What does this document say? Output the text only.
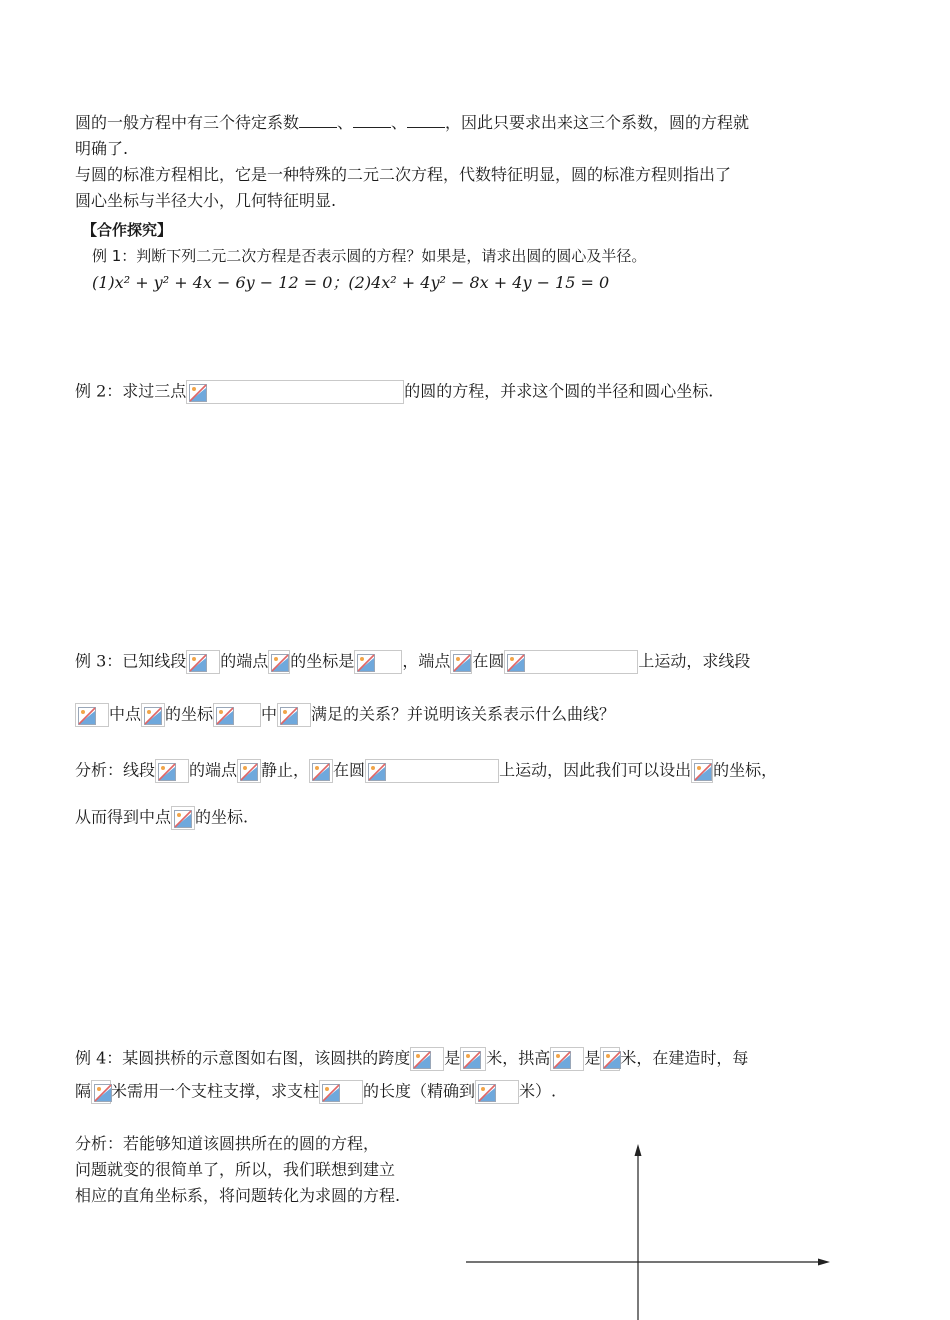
圆的一般方程中有三个待定系数 、 、 ，因此只要求出来这三个系数，圆的方程就
明确了.
与圆的标准方程相比，它是一种特殊的二元二次方程，代数特征明显，圆的标准方程则指出了
圆心坐标与半径大小，几何特征明显.
【合作探究】
例 1：判断下列二元二次方程是否表示圆的方程？如果是，请求出圆的圆心及半径。
(1)x² + y² + 4x − 6y − 12 = 0；(2)4x² + 4y² − 8x + 4y − 15 = 0
例 2：求过三点	的圆的方程，并求这个圆的半径和圆心坐标.
例 3：已知线段 的端点 的坐标是	，端点 在圆	上运动，求线段
中点 的坐标	中 满足的关系？并说明该关系表示什么曲线？
分析：线段 的端点 静止， 在圆	上运动，因此我们可以设出 的坐标，
从而得到中点 的坐标.
例 4：某圆拱桥的示意图如右图，该圆拱的跨度 是 米，拱高 是 米，在建造时，每
隔 米需用一个支柱支撑，求支柱	的长度（精确到	米）.
分析：若能够知道该圆拱所在的圆的方程，
问题就变的很简单了，所以，我们联想到建立
相应的直角坐标系，将问题转化为求圆的方程.
